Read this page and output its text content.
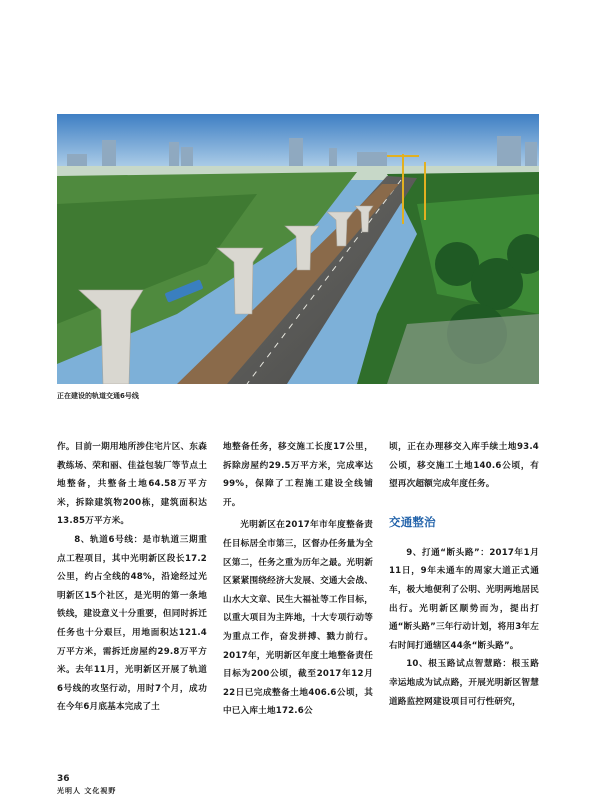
正在建设的轨道交通6号线

作。目前一期用地所涉住宅片区、东森教练场、荣和丽、佳益包装厂等节点土地整备，共整备土地64.58万平方米，拆除建筑物200栋，建筑面积达13.85万平方米。

8、轨道6号线：是市轨道三期重点工程项目，其中光明新区段长17.2公里，约占全线的48%，沿途经过光明新区15个社区，是光明的第一条地铁线，建设意义十分重要，但同时拆迁任务也十分艰巨，用地面积达121.4万平方米，需拆迁房屋约29.8万平方米。去年11月，光明新区开展了轨道6号线的攻坚行动，用时7个月，成功在今年6月底基本完成了土

地整备任务，移交施工长度17公里，拆除房屋约29.5万平方米，完成率达99%，保障了工程施工建设全线铺开。

光明新区在2017年市年度整备责任目标居全市第三，区督办任务量为全区第二，任务之重为历年之最。光明新区紧紧围绕经济大发展、交通大会战、山水大文章、民生大福祉等工作目标，以重大项目为主阵地，十大专项行动等为重点工作，奋发拼搏、戮力前行。2017年，光明新区年度土地整备责任目标为200公顷，截至2017年12月22日已完成整备土地406.6公顷，其中已入库土地172.6公

顷，正在办理移交入库手续土地93.4公顷，移交施工土地140.6公顷，有望再次超额完成年度任务。

交通整治

9、打通“断头路”：2017年1月11日，9年未通车的周家大道正式通车，极大地便利了公明、光明两地居民出行。光明新区顺势而为，提出打通“断头路”三年行动计划，将用3年左右时间打通辖区44条“断头路”。

10、根玉路试点智慧路：根玉路幸运地成为试点路，开展光明新区智慧道路监控网建设项目可行性研究，

36
光明人 文化视野
